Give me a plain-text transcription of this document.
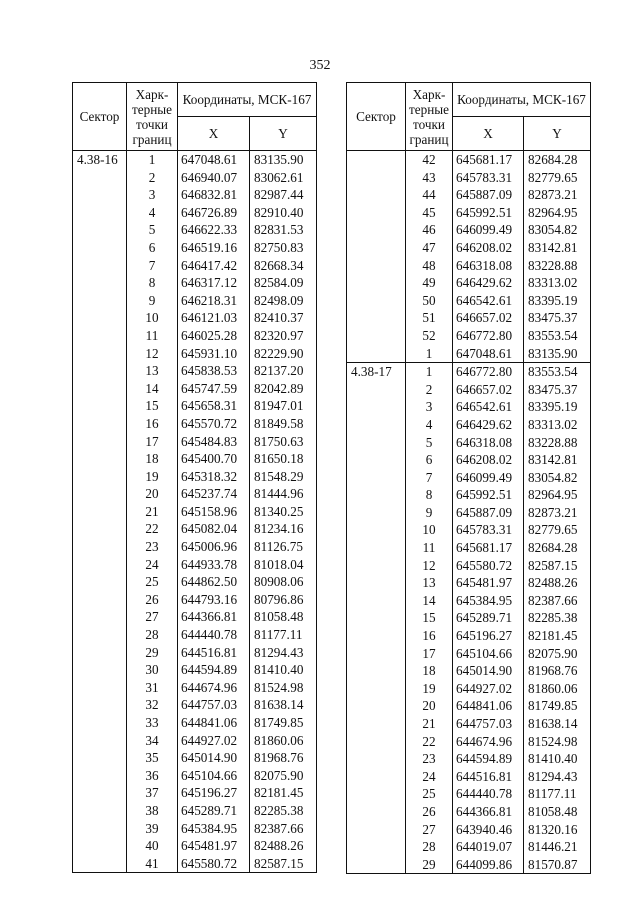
352
Сектор	Харк-терные точки границ	Координаты, МСК-167	
		X	Y
4.38-16	1	647048.61	83135.90
	2	646940.07	83062.61
	3	646832.81	82987.44
	4	646726.89	82910.40
	5	646622.33	82831.53
	6	646519.16	82750.83
	7	646417.42	82668.34
	8	646317.12	82584.09
	9	646218.31	82498.09
	10	646121.03	82410.37
	11	646025.28	82320.97
	12	645931.10	82229.90
	13	645838.53	82137.20
	14	645747.59	82042.89
	15	645658.31	81947.01
	16	645570.72	81849.58
	17	645484.83	81750.63
	18	645400.70	81650.18
	19	645318.32	81548.29
	20	645237.74	81444.96
	21	645158.96	81340.25
	22	645082.04	81234.16
	23	645006.96	81126.75
	24	644933.78	81018.04
	25	644862.50	80908.06
	26	644793.16	80796.86
	27	644366.81	81058.48
	28	644440.78	81177.11
	29	644516.81	81294.43
	30	644594.89	81410.40
	31	644674.96	81524.98
	32	644757.03	81638.14
	33	644841.06	81749.85
	34	644927.02	81860.06
	35	645014.90	81968.76
	36	645104.66	82075.90
	37	645196.27	82181.45
	38	645289.71	82285.38
	39	645384.95	82387.66
	40	645481.97	82488.26
	41	645580.72	82587.15
Сектор	Харк-терные точки границ	Координаты, МСК-167	
		X	Y
	42	645681.17	82684.28
	43	645783.31	82779.65
	44	645887.09	82873.21
	45	645992.51	82964.95
	46	646099.49	83054.82
	47	646208.02	83142.81
	48	646318.08	83228.88
	49	646429.62	83313.02
	50	646542.61	83395.19
	51	646657.02	83475.37
	52	646772.80	83553.54
	1	647048.61	83135.90
4.38-17	1	646772.80	83553.54
	2	646657.02	83475.37
	3	646542.61	83395.19
	4	646429.62	83313.02
	5	646318.08	83228.88
	6	646208.02	83142.81
	7	646099.49	83054.82
	8	645992.51	82964.95
	9	645887.09	82873.21
	10	645783.31	82779.65
	11	645681.17	82684.28
	12	645580.72	82587.15
	13	645481.97	82488.26
	14	645384.95	82387.66
	15	645289.71	82285.38
	16	645196.27	82181.45
	17	645104.66	82075.90
	18	645014.90	81968.76
	19	644927.02	81860.06
	20	644841.06	81749.85
	21	644757.03	81638.14
	22	644674.96	81524.98
	23	644594.89	81410.40
	24	644516.81	81294.43
	25	644440.78	81177.11
	26	644366.81	81058.48
	27	643940.46	81320.16
	28	644019.07	81446.21
	29	644099.86	81570.87
